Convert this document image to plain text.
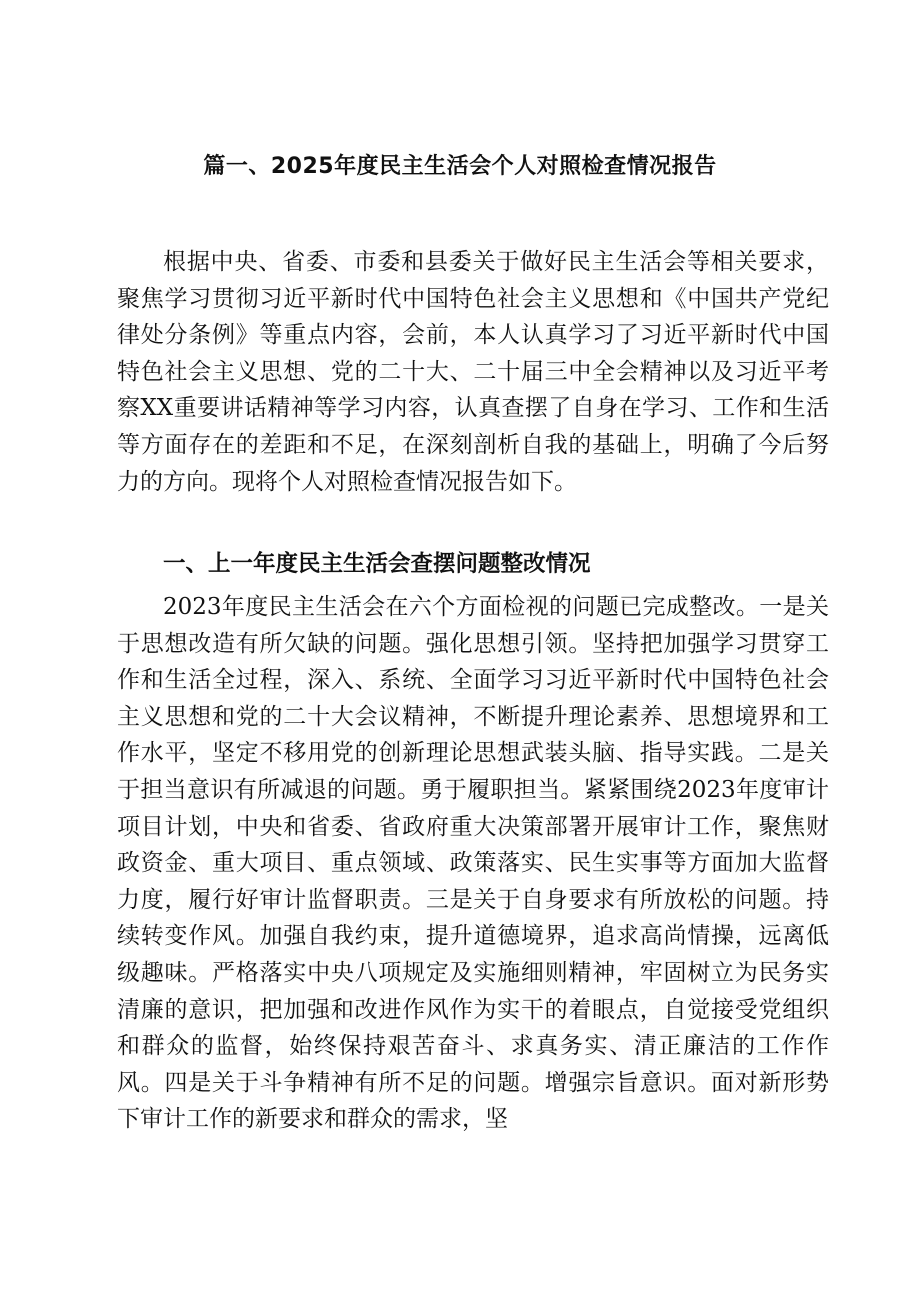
篇一、2025年度民主生活会个人对照检查情况报告

根据中央、省委、市委和县委关于做好民主生活会等相关要求，聚焦学习贯彻习近平新时代中国特色社会主义思想和《中国共产党纪律处分条例》等重点内容，会前，本人认真学习了习近平新时代中国特色社会主义思想、党的二十大、二十届三中全会精神以及习近平考察XX重要讲话精神等学习内容，认真查摆了自身在学习、工作和生活等方面存在的差距和不足，在深刻剖析自我的基础上，明确了今后努力的方向。现将个人对照检查情况报告如下。

一、上一年度民主生活会查摆问题整改情况

2023年度民主生活会在六个方面检视的问题已完成整改。一是关于思想改造有所欠缺的问题。强化思想引领。坚持把加强学习贯穿工作和生活全过程，深入、系统、全面学习习近平新时代中国特色社会主义思想和党的二十大会议精神，不断提升理论素养、思想境界和工作水平，坚定不移用党的创新理论思想武装头脑、指导实践。二是关于担当意识有所减退的问题。勇于履职担当。紧紧围绕2023年度审计项目计划，中央和省委、省政府重大决策部署开展审计工作，聚焦财政资金、重大项目、重点领域、政策落实、民生实事等方面加大监督力度，履行好审计监督职责。三是关于自身要求有所放松的问题。持续转变作风。加强自我约束，提升道德境界，追求高尚情操，远离低级趣味。严格落实中央八项规定及实施细则精神，牢固树立为民务实清廉的意识，把加强和改进作风作为实干的着眼点，自觉接受党组织和群众的监督，始终保持艰苦奋斗、求真务实、清正廉洁的工作作风。四是关于斗争精神有所不足的问题。增强宗旨意识。面对新形势下审计工作的新要求和群众的需求，坚
